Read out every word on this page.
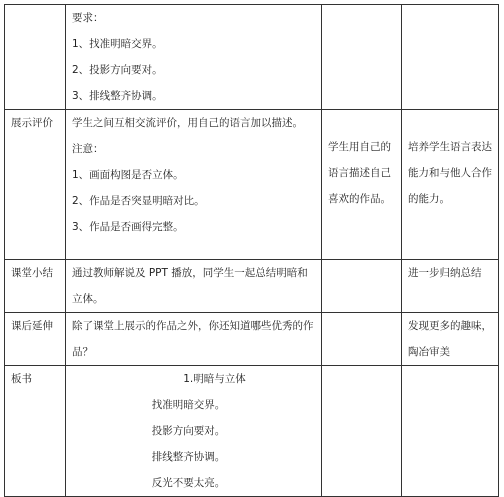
	要求：
1、找准明暗交界。
2、投影方向要对。
3、排线整齐协调。		

展示评价	学生之间互相交流评价，用自己的语言加以描述。
注意：
1、画面构图是否立体。
2、作品是否突显明暗对比。
3、作品是否画得完整。	学生用自己的语言描述自己喜欢的作品。	培养学生语言表达能力和与他人合作的能力。

课堂小结	通过教师解说及 PPT 播放，同学生一起总结明暗和立体。		进一步归纳总结
课后延伸	除了课堂上展示的作品之外，你还知道哪些优秀的作品？		发现更多的趣味，陶冶审美

板书	1.明暗与立体
找准明暗交界。
投影方向要对。
排线整齐协调。
反光不要太亮。		
